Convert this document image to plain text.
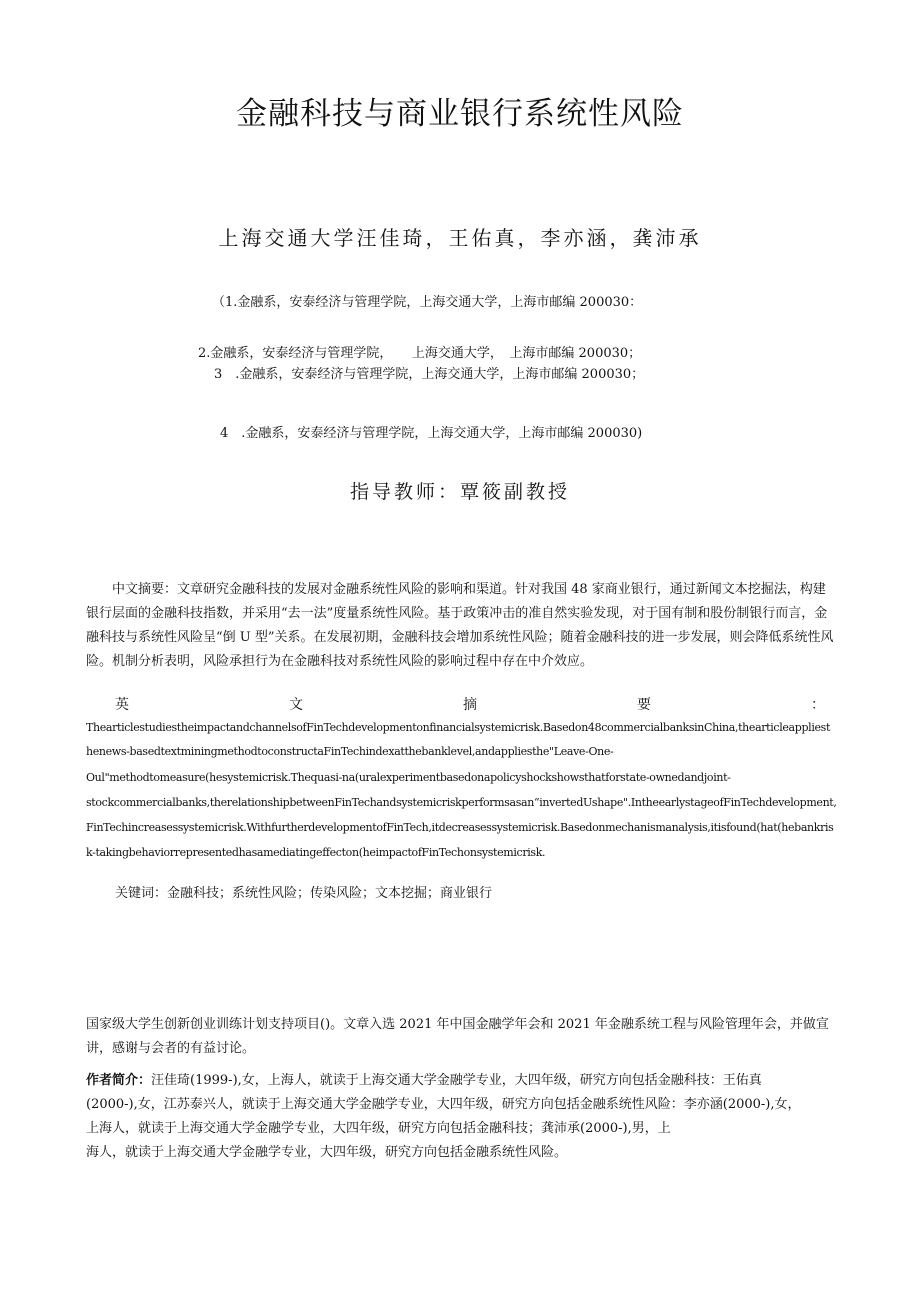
金融科技与商业银行系统性风险
上海交通大学汪佳琦，王佑真，李亦涵，龚沛承
（1.金融系，安泰经济与管理学院，上海交通大学，上海市邮编 200030：
2.金融系，安泰经济与管理学院，　　上海交通大学，　上海市邮编 200030；
3　.金融系，安泰经济与管理学院，上海交通大学，上海市邮编 200030；
4　.金融系，安泰经济与管理学院，上海交通大学，上海市邮编 200030)
指导教师：覃筱副教授
中文摘要：文章研究金融科技的发展对金融系统性风险的影响和渠道。针对我国 48 家商业银行，通过新闻文本挖掘法，构建银行层面的金融科技指数，并采用“去一法”度量系统性风险。基于政策冲击的准自然实验发现，对于国有制和股份制银行而言，金融科技与系统性风险呈“倒 U 型”关系。在发展初期，金融科技会增加系统性风险；随着金融科技的进一步发展，则会降低系统性风险。机制分析表明，风险承担行为在金融科技对系统性风险的影响过程中存在中介效应。
英	文	摘	要	：
ThearticlestudiestheimpactandchannelsofFinTechdevelopmentonfinancialsystemicrisk.Basedon48commercialbanksinChina,thearticleappliest
henews-basedtextminingmethodtoconstructaFinTechindexatthebanklevel,andappliesthe"Leave-One-
Oul"methodtomeasure(hesystemicrisk.Thequasi-na(uralexperimentbasedonapolicyshockshowsthatforstate-ownedandjoint-
stockcommercialbanks,therelationshipbetweenFinTechandsystemicriskperformsasan“invertedUshape".IntheearlystageofFinTechdevelopment,
FinTechincreasessystemicrisk.WithfurtherdevelopmentofFinTech,itdecreasessystemicrisk.Basedonmechanismanalysis,itisfound(hat(hebankris
k-takingbehaviorrepresentedhasamediatingeffecton(heimpactofFinTechonsystemicrisk.
关键词：金融科技；系统性风险；传染风险；文本挖掘；商业银行
国家级大学生创新创业训练计划支持项目()。文章入选 2021 年中国金融学年会和 2021 年金融系统工程与风险管理年会，并做宣讲，感谢与会者的有益讨论。
作者简介：汪佳琦(1999-),女，上海人，就读于上海交通大学金融学专业，大四年级，研究方向包括金融科技：王佑真
(2000-),女，江苏泰兴人，就读于上海交通大学金融学专业，大四年级，研究方向包括金融系统性风险：李亦涵(2000-),女，
上海人，就读于上海交通大学金融学专业，大四年级，研究方向包括金融科技；龚沛承(2000-),男，上
海人，就读于上海交通大学金融学专业，大四年级，研究方向包括金融系统性风险。
